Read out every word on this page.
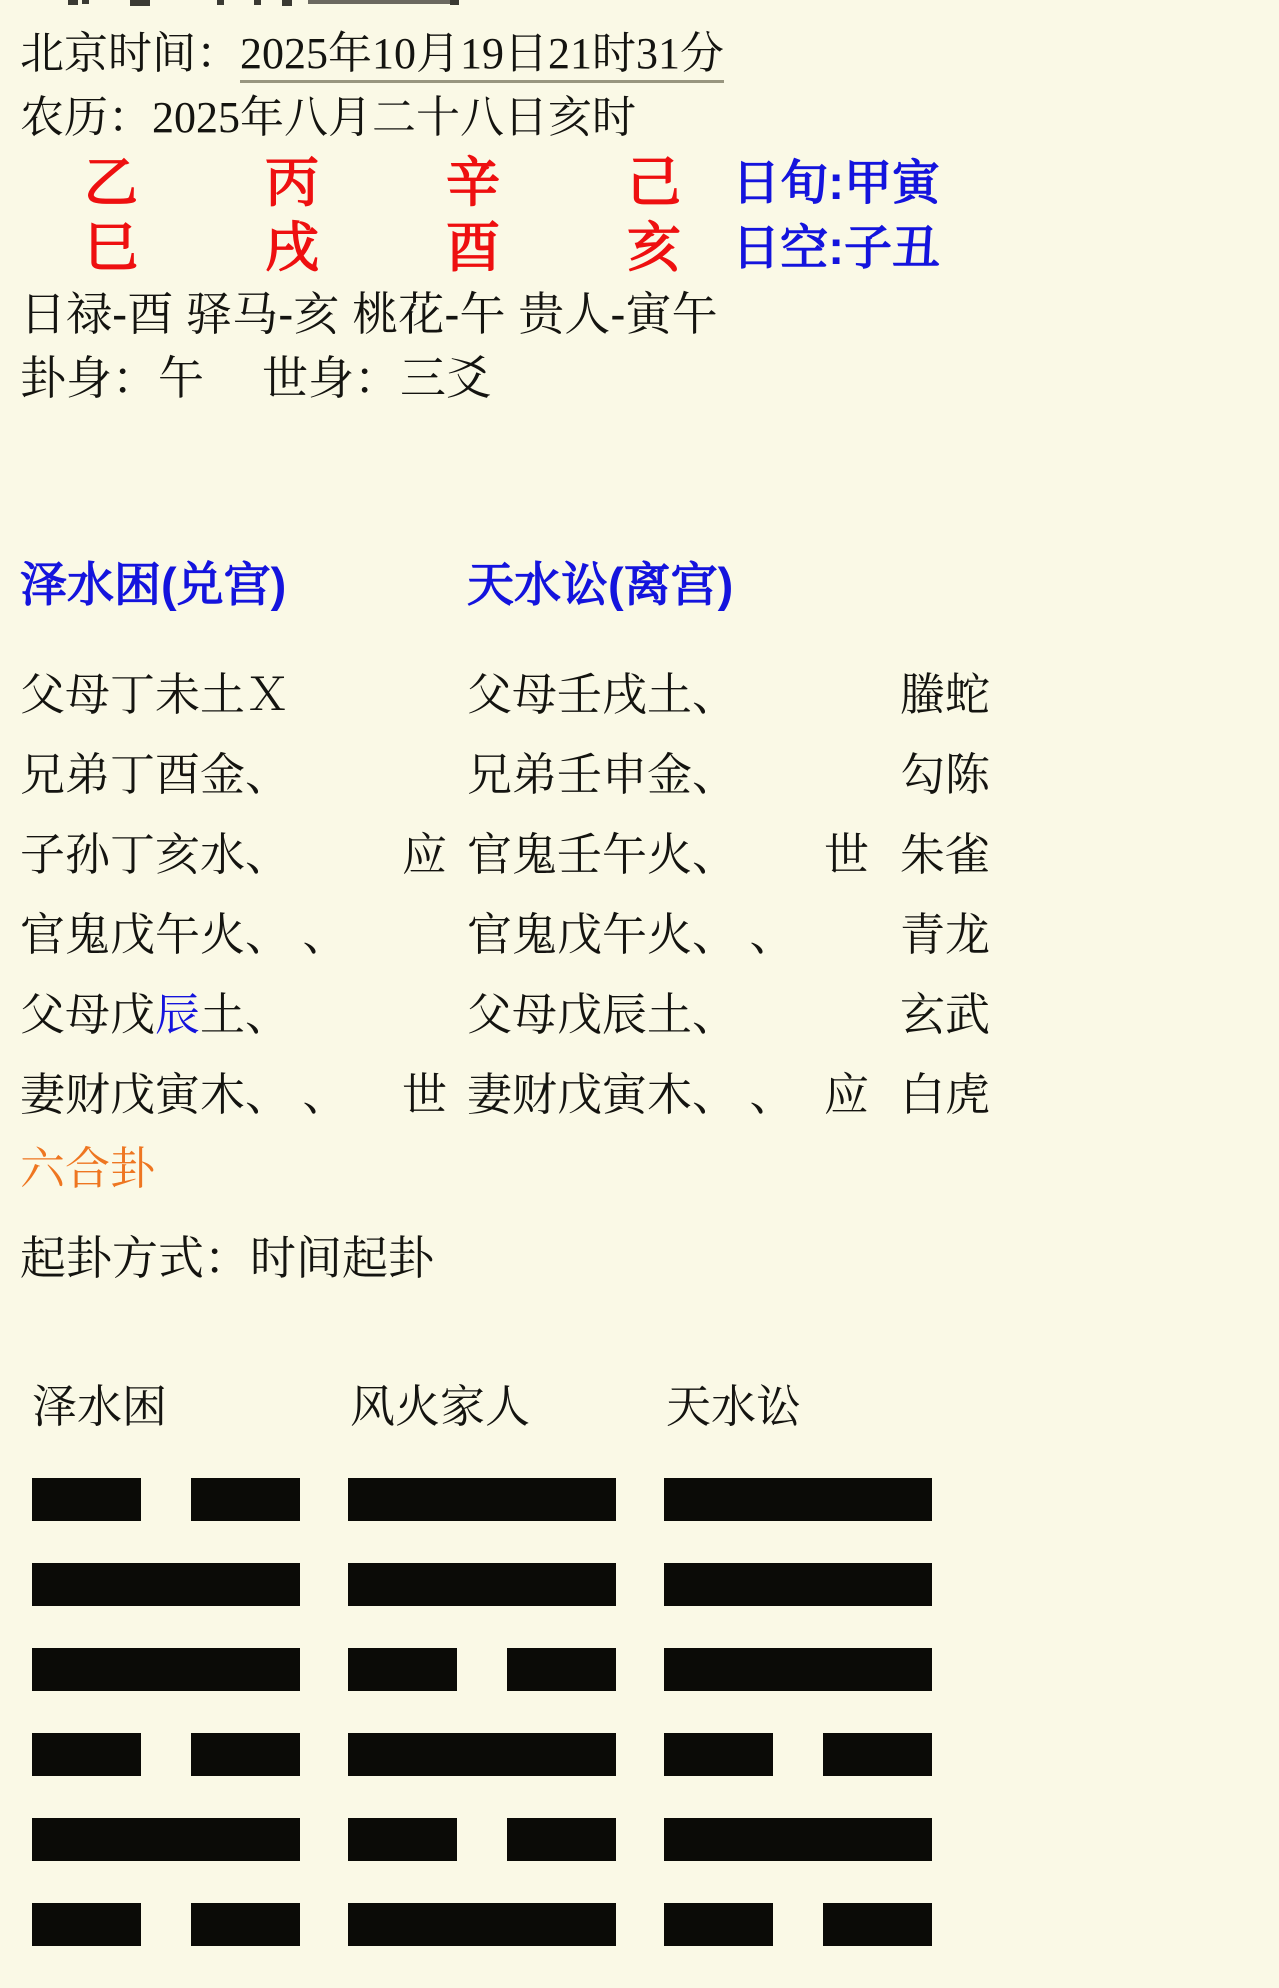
北京时间：2025年10月19日21时31分
农历：2025年八月二十八日亥时
乙 丙 辛 己 日旬:甲寅
巳 戌 酉 亥 日空:子丑
日禄-酉 驿马-亥 桃花-午 贵人-寅午
卦身：午 世身：三爻
泽水困(兑宫)	天水讼(离宫)
父母丁未土Ｘ	父母壬戌土、	螣蛇
兄弟丁酉金、	兄弟壬申金、	勾陈
子孙丁亥水、	应 官鬼壬午火、	世 朱雀
官鬼戊午火、 、	官鬼戊午火、 、	青龙
父母戊辰土、	父母戊辰土、	玄武
妻财戊寅木、 、	世 妻财戊寅木、 、 应 白虎
六合卦
起卦方式：时间起卦
泽水困	风火家人	天水讼
